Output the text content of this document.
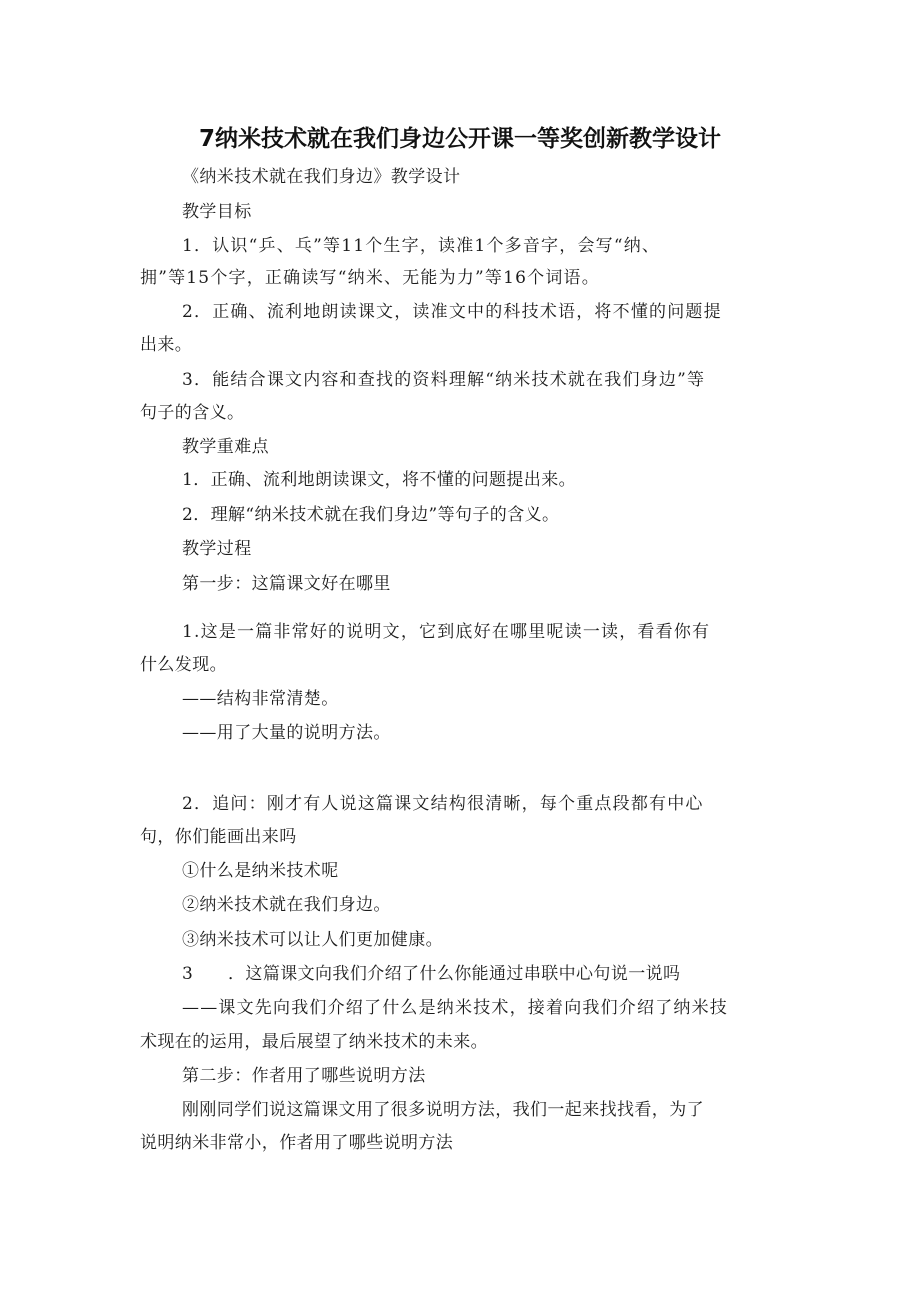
7纳米技术就在我们身边公开课一等奖创新教学设计
《纳米技术就在我们身边》教学设计
教学目标
1．认识“乒、乓”等11个生字，读准1个多音字，会写“纳、
拥”等15个字，正确读写“纳米、无能为力”等16个词语。
2．正确、流利地朗读课文，读准文中的科技术语，将不懂的问题提
出来。
3．能结合课文内容和查找的资料理解“纳米技术就在我们身边”等
句子的含义。
教学重难点
1．正确、流利地朗读课文，将不懂的问题提出来。
2．理解“纳米技术就在我们身边”等句子的含义。
教学过程
第一步：这篇课文好在哪里
1.这是一篇非常好的说明文，它到底好在哪里呢读一读，看看你有
什么发现。
——结构非常清楚。
——用了大量的说明方法。
2．追问：刚才有人说这篇课文结构很清晰，每个重点段都有中心
句，你们能画出来吗
①什么是纳米技术呢
②纳米技术就在我们身边。
③纳米技术可以让人们更加健康。
3　　．这篇课文向我们介绍了什么你能通过串联中心句说一说吗
——课文先向我们介绍了什么是纳米技术，接着向我们介绍了纳米技
术现在的运用，最后展望了纳米技术的未来。
第二步：作者用了哪些说明方法
刚刚同学们说这篇课文用了很多说明方法，我们一起来找找看，为了
说明纳米非常小，作者用了哪些说明方法
